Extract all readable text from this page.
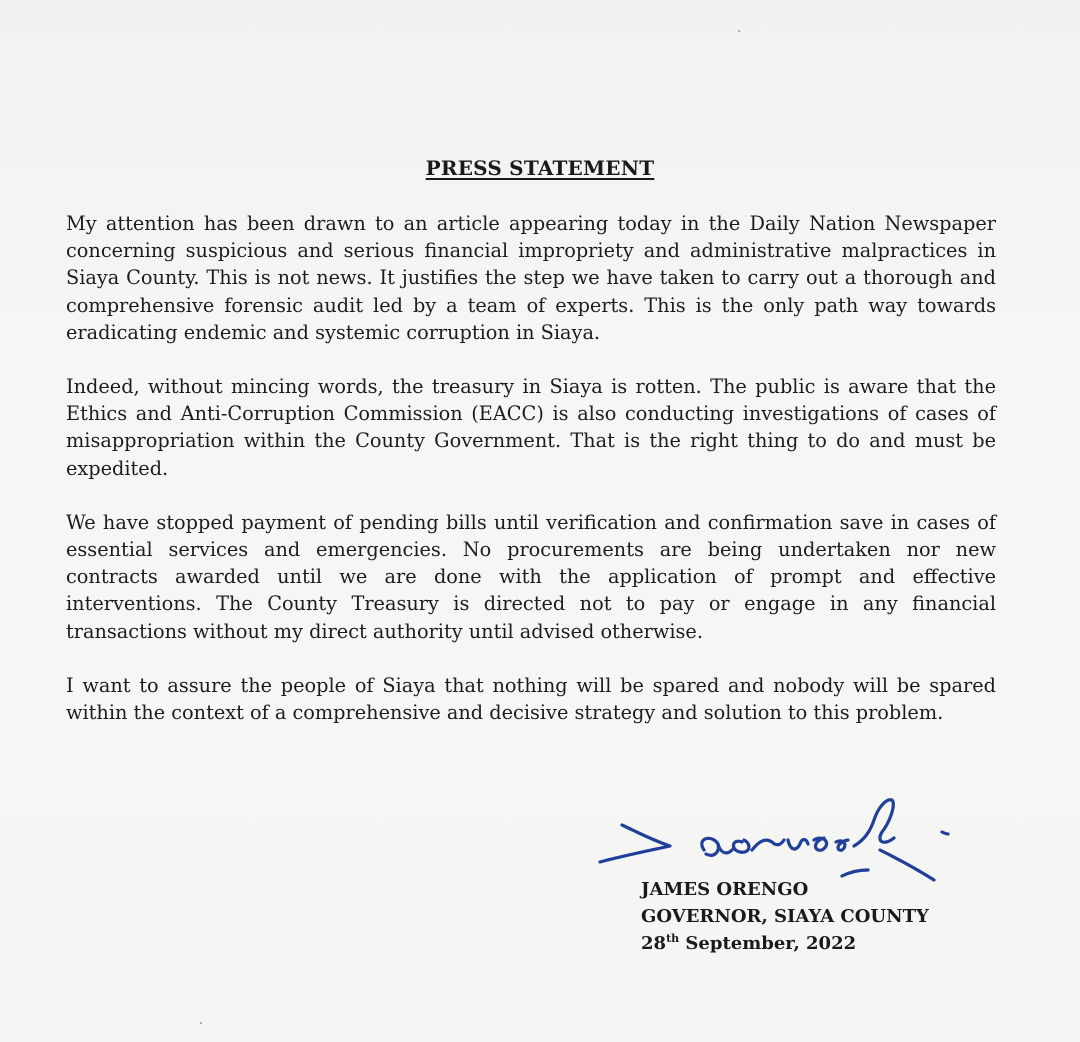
PRESS STATEMENT

My attention has been drawn to an article appearing today in the Daily Nation Newspaper concerning suspicious and serious financial impropriety and administrative malpractices in Siaya County. This is not news. It justifies the step we have taken to carry out a thorough and comprehensive forensic audit led by a team of experts. This is the only path way towards eradicating endemic and systemic corruption in Siaya.

Indeed, without mincing words, the treasury in Siaya is rotten. The public is aware that the Ethics and Anti-Corruption Commission (EACC) is also conducting investigations of cases of misappropriation within the County Government. That is the right thing to do and must be expedited.

We have stopped payment of pending bills until verification and confirmation save in cases of essential services and emergencies. No procurements are being undertaken nor new contracts awarded until we are done with the application of prompt and effective interventions. The County Treasury is directed not to pay or engage in any financial transactions without my direct authority until advised otherwise.

I want to assure the people of Siaya that nothing will be spared and nobody will be spared within the context of a comprehensive and decisive strategy and solution to this problem.

JAMES ORENGO
GOVERNOR, SIAYA COUNTY
28th September, 2022
